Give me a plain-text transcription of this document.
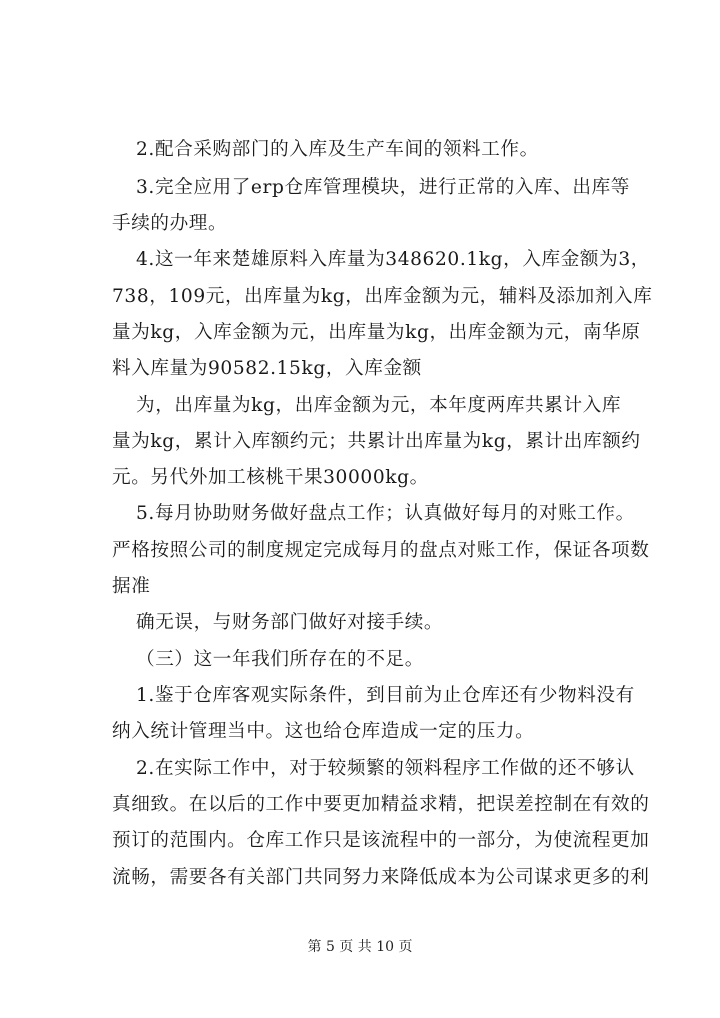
2.配合采购部门的入库及生产车间的领料工作。
3.完全应用了erp仓库管理模块，进行正常的入库、出库等
手续的办理。
4.这一年来楚雄原料入库量为348620.1kg，入库金额为3，
738，109元，出库量为kg，出库金额为元，辅料及添加剂入库
量为kg，入库金额为元，出库量为kg，出库金额为元，南华原
料入库量为90582.15kg，入库金额
为，出库量为kg，出库金额为元，本年度两库共累计入库
量为kg，累计入库额约元；共累计出库量为kg，累计出库额约
元。另代外加工核桃干果30000kg。
5.每月协助财务做好盘点工作；认真做好每月的对账工作。
严格按照公司的制度规定完成每月的盘点对账工作，保证各项数
据准
确无误，与财务部门做好对接手续。
（三）这一年我们所存在的不足。
1.鉴于仓库客观实际条件，到目前为止仓库还有少物料没有
纳入统计管理当中。这也给仓库造成一定的压力。
2.在实际工作中，对于较频繁的领料程序工作做的还不够认
真细致。在以后的工作中要更加精益求精，把误差控制在有效的
预订的范围内。仓库工作只是该流程中的一部分，为使流程更加
流畅，需要各有关部门共同努力来降低成本为公司谋求更多的利
第 5 页 共 10 页
